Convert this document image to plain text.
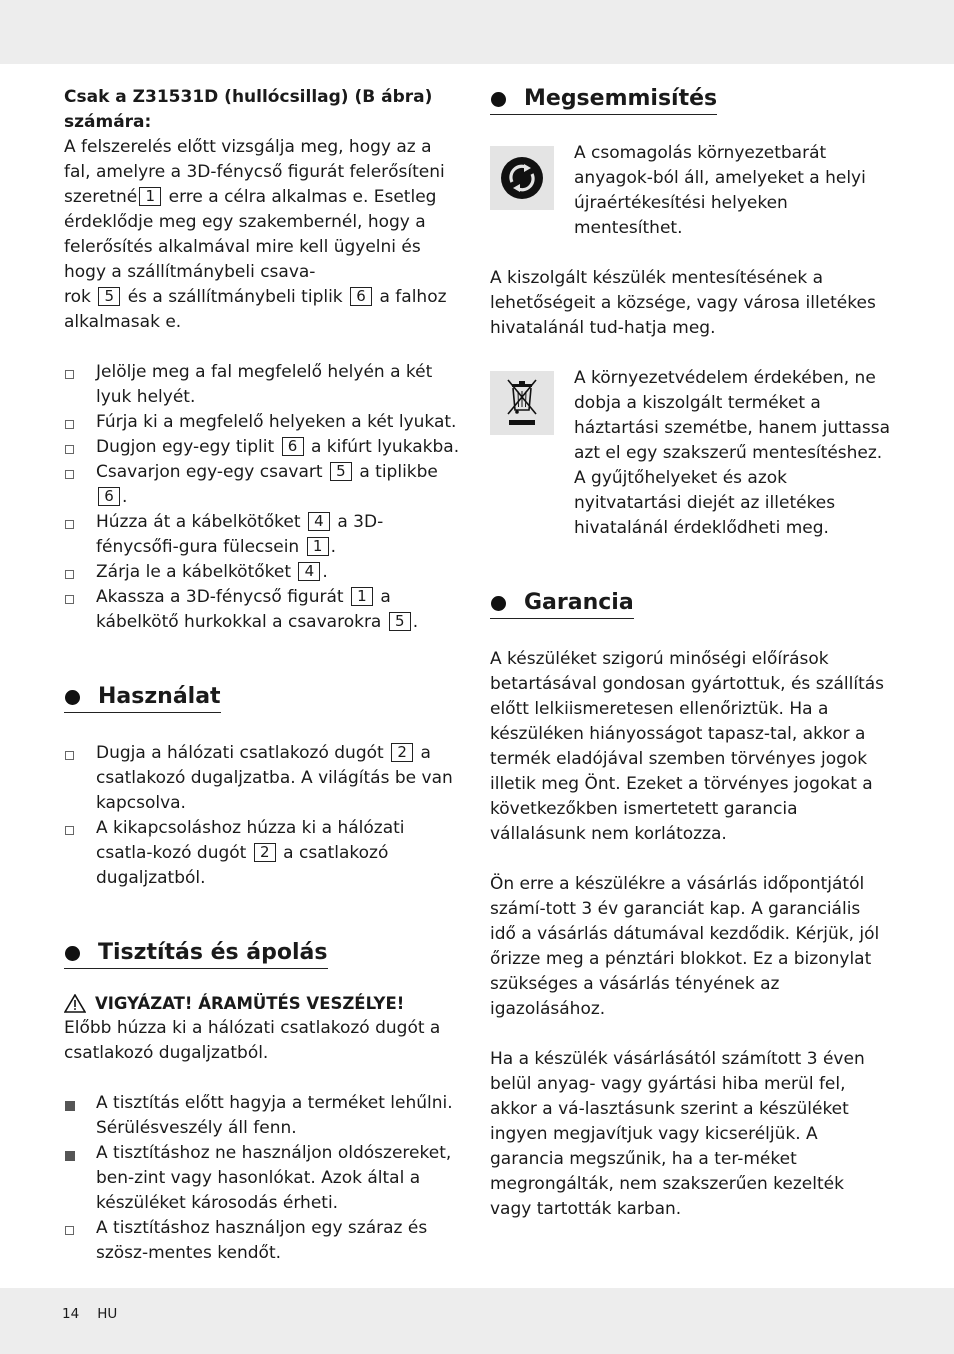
Csak a Z31531D (hullócsillag) (B ábra) számára:

A felszerelés előtt vizsgálja meg, hogy az a fal, amelyre a 3D-fénycső figurát felerősíteni szeretné 1 erre a célra alkalmas e. Esetleg érdeklődje meg egy szakembernél, hogy a felerősítés alkalmával mire kell ügyelni és hogy a szállítmánybeli csava-
rok 5 és a szállítmánybeli tiplik 6 a falhoz alkalmasak e.

Jelölje meg a fal megfelelő helyén a két lyuk helyét.
Fúrja ki a megfelelő helyeken a két lyukat.
Dugjon egy-egy tiplit 6 a kifúrt lyukakba.
Csavarjon egy-egy csavart 5 a tiplikbe 6 .
Húzza át a kábelkötőket 4 a 3D-fénycsőfi-gura fülecsein 1 .
Zárja le a kábelkötőket 4 .
Akassza a 3D-fénycső figurát 1 a kábelkötő hurkokkal a csavarokra 5 .
Használat
Dugja a hálózati csatlakozó dugót 2 a csatlakozó dugaljzatba. A világítás be van kapcsolva.
A kikapcsoláshoz húzza ki a hálózati csatla-kozó dugót 2 a csatlakozó dugaljzatból.
Tisztítás és ápolás

VIGYÁZAT! ÁRAMÜTÉS VESZÉLYE!

Előbb húzza ki a hálózati csatlakozó dugót a csatlakozó dugaljzatból.

A tisztítás előtt hagyja a terméket lehűlni. Sérülésveszély áll fenn.
A tisztításhoz ne használjon oldószereket, ben-zint vagy hasonlókat. Azok által a készüléket károsodás érheti.
A tisztításhoz használjon egy száraz és szösz-mentes kendőt.
Megsemmisítés

A csomagolás környezetbarát anyagok-ból áll, amelyeket a helyi újraértékesítési helyeken mentesíthet.

A kiszolgált készülék mentesítésének a lehetőségeit a községe, vagy városa illetékes hivatalánál tud-hatja meg.

A környezetvédelem érdekében, ne dobja a kiszolgált terméket a háztartási szemétbe, hanem juttassa azt el egy szakszerű mentesítéshez. A gyűjtőhelyeket és azok nyitvatartási diejét az illetékes hivatalánál érdeklődheti meg.

Garancia

A készüléket szigorú minőségi előírások betartásával gondosan gyártottuk, és szállítás előtt lelkiismeretesen ellenőriztük. Ha a készüléken hiányosságot tapasz-tal, akkor a termék eladójával szemben törvényes jogok illetik meg Önt. Ezeket a törvényes jogokat a következőkben ismertetett garancia vállalásunk nem korlátozza.

Ön erre a készülékre a vásárlás időpontjától számí-tott 3 év garanciát kap. A garanciális idő a vásárlás dátumával kezdődik. Kérjük, jól őrizze meg a pénztári blokkot. Ez a bizonylat szükséges a vásárlás tényének az igazolásához.

Ha a készülék vásárlásától számított 3 éven belül anyag- vagy gyártási hiba merül fel, akkor a vá-lasztásunk szerint a készüléket ingyen megjavítjuk vagy kicseréljük. A garancia megszűnik, ha a ter-méket megrongálták, nem szakszerűen kezelték vagy tartották karban.

14 HU
